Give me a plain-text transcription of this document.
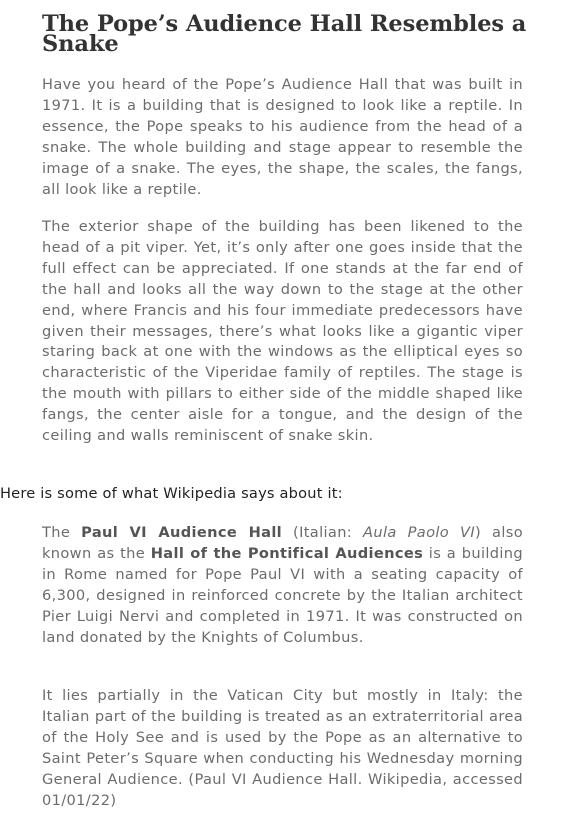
The Pope’s Audience Hall Resembles a Snake

Have you heard of the Pope’s Audience Hall that was built in 1971. It is a building that is designed to look like a reptile. In essence, the Pope speaks to his audience from the head of a snake. The whole building and stage appear to resemble the image of a snake. The eyes, the shape, the scales, the fangs, all look like a reptile.

The exterior shape of the building has been likened to the head of a pit viper. Yet, it’s only after one goes inside that the full effect can be appreciated. If one stands at the far end of the hall and looks all the way down to the stage at the other end, where Francis and his four immediate predecessors have given their messages, there’s what looks like a gigantic viper staring back at one with the windows as the elliptical eyes so characteristic of the Viperidae family of reptiles. The stage is the mouth with pillars to either side of the middle shaped like fangs, the center aisle for a tongue, and the design of the ceiling and walls reminiscent of snake skin.

Here is some of what Wikipedia says about it:

The Paul VI Audience Hall (Italian: Aula Paolo VI) also known as the Hall of the Pontifical Audiences is a building in Rome named for Pope Paul VI with a seating capacity of 6,300, designed in reinforced concrete by the Italian architect Pier Luigi Nervi and completed in 1971. It was constructed on land donated by the Knights of Columbus.

It lies partially in the Vatican City but mostly in Italy: the Italian part of the building is treated as an extraterritorial area of the Holy See and is used by the Pope as an alternative to Saint Peter’s Square when conducting his Wednesday morning General Audience. (Paul VI Audience Hall. Wikipedia, accessed 01/01/22)
